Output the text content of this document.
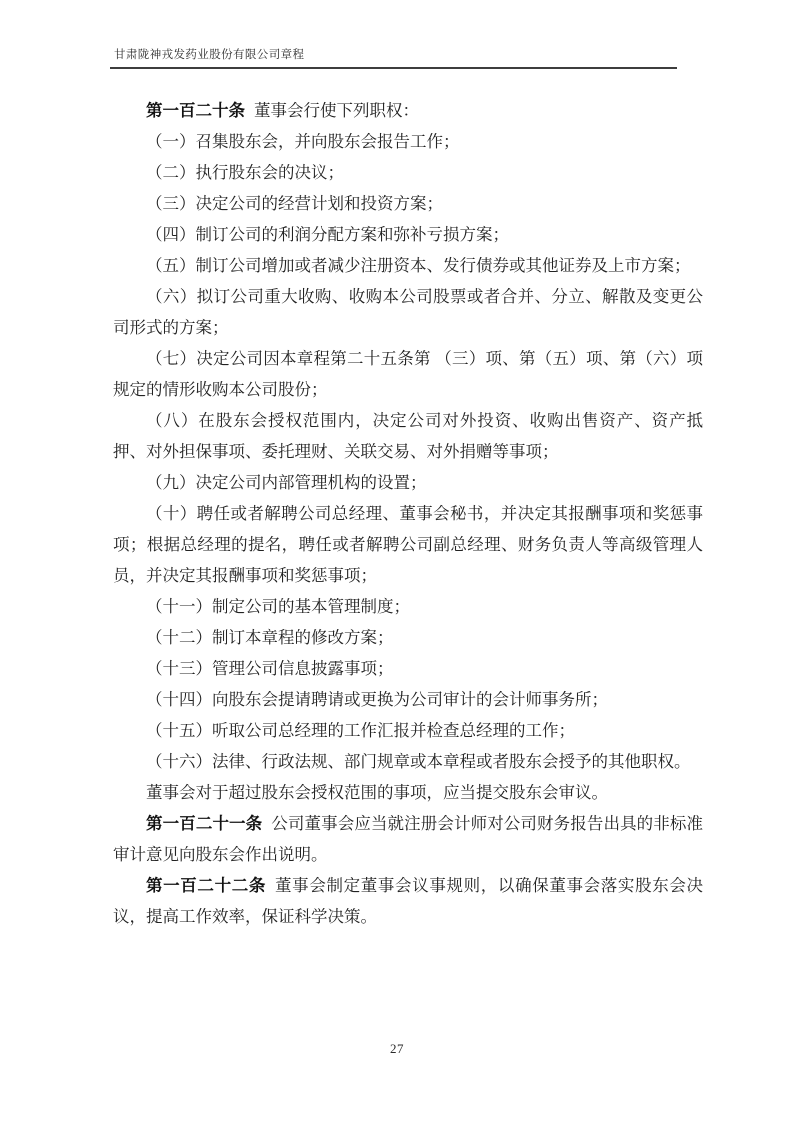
甘肃陇神戎发药业股份有限公司章程

第一百二十条 董事会行使下列职权：

（一）召集股东会，并向股东会报告工作；

（二）执行股东会的决议；

（三）决定公司的经营计划和投资方案；

（四）制订公司的利润分配方案和弥补亏损方案；

（五）制订公司增加或者减少注册资本、发行债券或其他证券及上市方案；

（六）拟订公司重大收购、收购本公司股票或者合并、分立、解散及变更公司形式的方案；

（七）决定公司因本章程第二十五条第 （三）项、第（五）项、第（六）项规定的情形收购本公司股份；

（八）在股东会授权范围内，决定公司对外投资、收购出售资产、资产抵押、对外担保事项、委托理财、关联交易、对外捐赠等事项；

（九）决定公司内部管理机构的设置；

（十）聘任或者解聘公司总经理、董事会秘书，并决定其报酬事项和奖惩事项；根据总经理的提名，聘任或者解聘公司副总经理、财务负责人等高级管理人员，并决定其报酬事项和奖惩事项；

（十一）制定公司的基本管理制度；

（十二）制订本章程的修改方案；

（十三）管理公司信息披露事项；

（十四）向股东会提请聘请或更换为公司审计的会计师事务所；

（十五）听取公司总经理的工作汇报并检查总经理的工作；

（十六）法律、行政法规、部门规章或本章程或者股东会授予的其他职权。

董事会对于超过股东会授权范围的事项，应当提交股东会审议。

第一百二十一条 公司董事会应当就注册会计师对公司财务报告出具的非标准审计意见向股东会作出说明。

第一百二十二条 董事会制定董事会议事规则，以确保董事会落实股东会决议，提高工作效率，保证科学决策。

27
